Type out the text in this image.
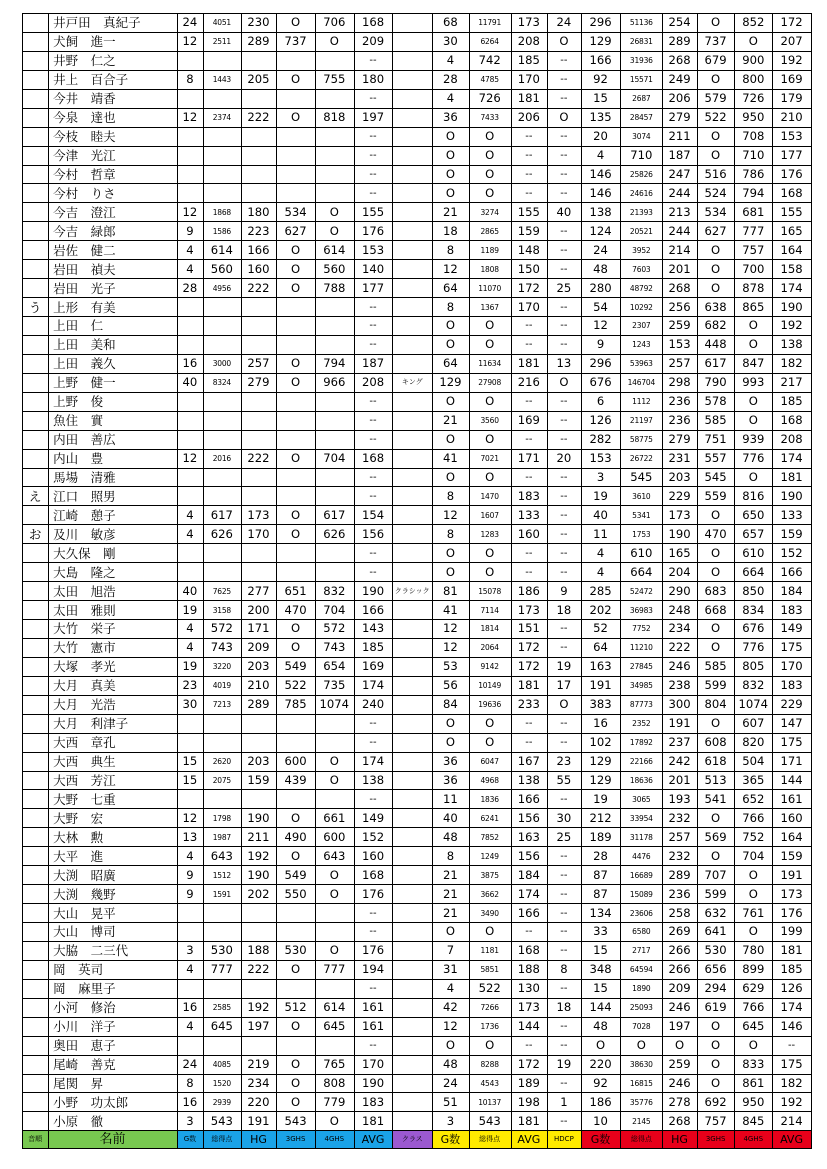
	井戸田　真紀子	24	4051	230	O	706	168		68	11791	173	24	296	51136	254	O	852	172
	犬飼　進一	12	2511	289	737	O	209		30	6264	208	O	129	26831	289	737	O	207
	井野　仁之						--		4	742	185	--	166	31936	268	679	900	192
	井上　百合子	8	1443	205	O	755	180		28	4785	170	--	92	15571	249	O	800	169
	今井　靖香						--		4	726	181	--	15	2687	206	579	726	179
	今泉　達也	12	2374	222	O	818	197		36	7433	206	O	135	28457	279	522	950	210
	今枝　睦夫						--		O	O	--	--	20	3074	211	O	708	153
	今津　光江						--		O	O	--	--	4	710	187	O	710	177
	今村　哲章						--		O	O	--	--	146	25826	247	516	786	176
	今村　りさ						--		O	O	--	--	146	24616	244	524	794	168
	今吉　澄江	12	1868	180	534	O	155		21	3274	155	40	138	21393	213	534	681	155
	今吉　緑郎	9	1586	223	627	O	176		18	2865	159	--	124	20521	244	627	777	165
	岩佐　健二	4	614	166	O	614	153		8	1189	148	--	24	3952	214	O	757	164
	岩田　禎夫	4	560	160	O	560	140		12	1808	150	--	48	7603	201	O	700	158
	岩田　光子	28	4956	222	O	788	177		64	11070	172	25	280	48792	268	O	878	174
う	上形　有美						--		8	1367	170	--	54	10292	256	638	865	190
	上田　仁						--		O	O	--	--	12	2307	259	682	O	192
	上田　美和						--		O	O	--	--	9	1243	153	448	O	138
	上田　義久	16	3000	257	O	794	187		64	11634	181	13	296	53963	257	617	847	182
	上野　健一	40	8324	279	O	966	208	キング	129	27908	216	O	676	146704	298	790	993	217
	上野　俊						--		O	O	--	--	6	1112	236	578	O	185
	魚住　實						--		21	3560	169	--	126	21197	236	585	O	168
	内田　善広						--		O	O	--	--	282	58775	279	751	939	208
	内山　豊	12	2016	222	O	704	168		41	7021	171	20	153	26722	231	557	776	174
	馬場　清雅						--		O	O	--	--	3	545	203	545	O	181
え	江口　照男						--		8	1470	183	--	19	3610	229	559	816	190
	江崎　憩子	4	617	173	O	617	154		12	1607	133	--	40	5341	173	O	650	133
お	及川　敏彦	4	626	170	O	626	156		8	1283	160	--	11	1753	190	470	657	159
	大久保　剛						--		O	O	--	--	4	610	165	O	610	152
	大島　隆之						--		O	O	--	--	4	664	204	O	664	166
	太田　旭浩	40	7625	277	651	832	190	クラシック	81	15078	186	9	285	52472	290	683	850	184
	太田　雅則	19	3158	200	470	704	166		41	7114	173	18	202	36983	248	668	834	183
	大竹　栄子	4	572	171	O	572	143		12	1814	151	--	52	7752	234	O	676	149
	大竹　憲市	4	743	209	O	743	185		12	2064	172	--	64	11210	222	O	776	175
	大塚　孝光	19	3220	203	549	654	169		53	9142	172	19	163	27845	246	585	805	170
	大月　真美	23	4019	210	522	735	174		56	10149	181	17	191	34985	238	599	832	183
	大月　光浩	30	7213	289	785	1074	240		84	19636	233	O	383	87773	300	804	1074	229
	大月　利津子						--		O	O	--	--	16	2352	191	O	607	147
	大西　章孔						--		O	O	--	--	102	17892	237	608	820	175
	大西　典生	15	2620	203	600	O	174		36	6047	167	23	129	22166	242	618	504	171
	大西　芳江	15	2075	159	439	O	138		36	4968	138	55	129	18636	201	513	365	144
	大野　七重						--		11	1836	166	--	19	3065	193	541	652	161
	大野　宏	12	1798	190	O	661	149		40	6241	156	30	212	33954	232	O	766	160
	大林　勲	13	1987	211	490	600	152		48	7852	163	25	189	31178	257	569	752	164
	大平　進	4	643	192	O	643	160		8	1249	156	--	28	4476	232	O	704	159
	大渕　昭廣	9	1512	190	549	O	168		21	3875	184	--	87	16689	289	707	O	191
	大渕　幾野	9	1591	202	550	O	176		21	3662	174	--	87	15089	236	599	O	173
	大山　晃平						--		21	3490	166	--	134	23606	258	632	761	176
	大山　博司						--		O	O	--	--	33	6580	269	641	O	199
	大脇　二三代	3	530	188	530	O	176		7	1181	168	--	15	2717	266	530	780	181
	岡　英司	4	777	222	O	777	194		31	5851	188	8	348	64594	266	656	899	185
	岡　麻里子						--		4	522	130	--	15	1890	209	294	629	126
	小河　修治	16	2585	192	512	614	161		42	7266	173	18	144	25093	246	619	766	174
	小川　洋子	4	645	197	O	645	161		12	1736	144	--	48	7028	197	O	645	146
	奥田　恵子						--		O	O	--	--	O	O	O	O	O	--
	尾崎　善克	24	4085	219	O	765	170		48	8288	172	19	220	38630	259	O	833	175
	尾関　昇	8	1520	234	O	808	190		24	4543	189	--	92	16815	246	O	861	182
	小野　功太郎	16	2939	220	O	779	183		51	10137	198	1	186	35776	278	692	950	192
	小原　徹	3	543	191	543	O	181		3	543	181	--	10	2145	268	757	845	214
音順	名前	G数	総得点	HG	3GHS	4GHS	AVG	クラス	G数	総得点	AVG	HDCP	G数	総得点	HG	3GHS	4GHS	AVG
